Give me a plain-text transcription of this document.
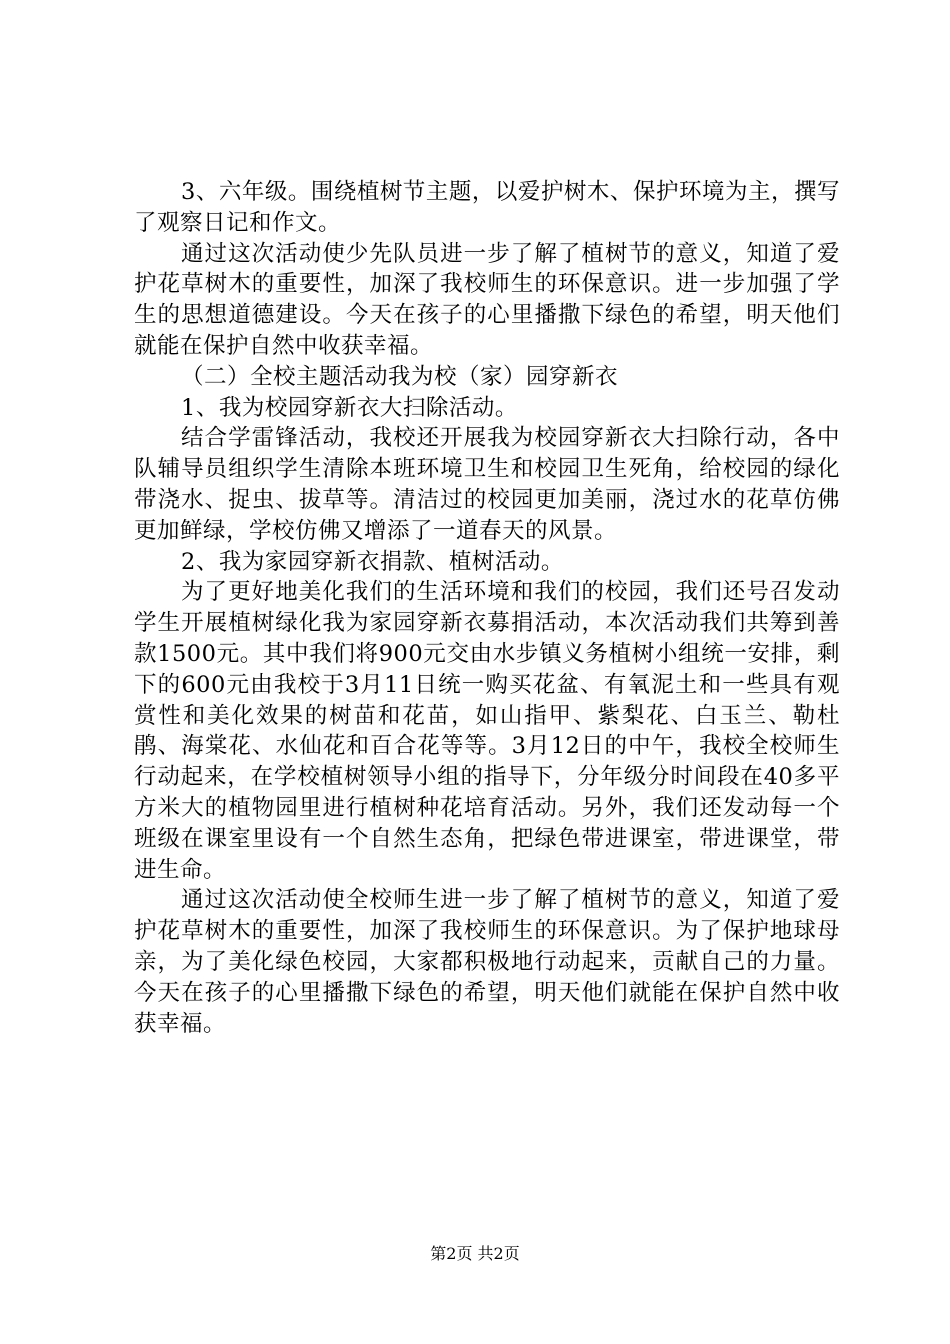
3、六年级。围绕植树节主题，以爱护树木、保护环境为主，撰写了观察日记和作文。

通过这次活动使少先队员进一步了解了植树节的意义，知道了爱护花草树木的重要性，加深了我校师生的环保意识。进一步加强了学生的思想道德建设。今天在孩子的心里播撒下绿色的希望，明天他们就能在保护自然中收获幸福。

（二）全校主题活动我为校（家）园穿新衣

1、我为校园穿新衣大扫除活动。

结合学雷锋活动，我校还开展我为校园穿新衣大扫除行动，各中队辅导员组织学生清除本班环境卫生和校园卫生死角，给校园的绿化带浇水、捉虫、拔草等。清洁过的校园更加美丽，浇过水的花草仿佛更加鲜绿，学校仿佛又增添了一道春天的风景。

2、我为家园穿新衣捐款、植树活动。

为了更好地美化我们的生活环境和我们的校园，我们还号召发动学生开展植树绿化我为家园穿新衣募捐活动，本次活动我们共筹到善款1500元。其中我们将900元交由水步镇义务植树小组统一安排，剩下的600元由我校于3月11日统一购买花盆、有氧泥土和一些具有观赏性和美化效果的树苗和花苗，如山指甲、紫梨花、白玉兰、勒杜鹃、海棠花、水仙花和百合花等等。3月12日的中午，我校全校师生行动起来，在学校植树领导小组的指导下，分年级分时间段在40多平方米大的植物园里进行植树种花培育活动。另外，我们还发动每一个班级在课室里设有一个自然生态角，把绿色带进课室，带进课堂，带进生命。

通过这次活动使全校师生进一步了解了植树节的意义，知道了爱护花草树木的重要性，加深了我校师生的环保意识。为了保护地球母亲，为了美化绿色校园，大家都积极地行动起来，贡献自己的力量。今天在孩子的心里播撒下绿色的希望，明天他们就能在保护自然中收获幸福。

第2页 共2页
